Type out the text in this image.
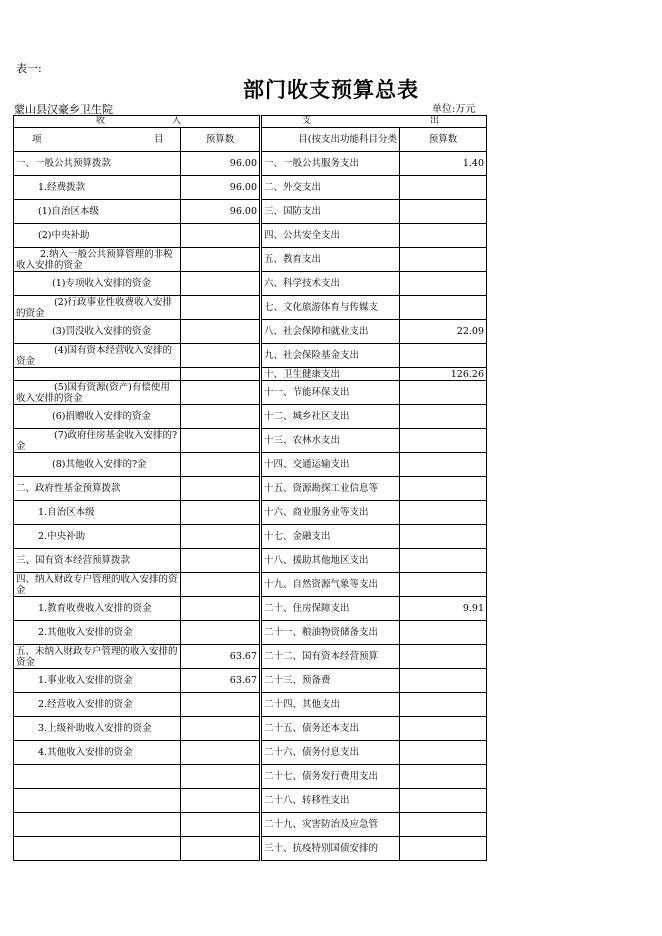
表一:
部门收支预算总表
蒙山县汉豪乡卫生院	单位:万元
收 入			支 出	

项 目	预算数		目(按支出功能科目分类	预算数
一、一般公共预算拨款	96.00		一、一般公共服务支出	1.40
1.经费拨款	96.00		二、外交支出	
(1)自治区本级	96.00		三、国防支出	
(2)中央补助			四、公共安全支出	
2.纳入一般公共预算管理的非税收入安排的资金			五、教育支出	
(1)专项收入安排的资金			六、科学技术支出	
(2)行政事业性收费收入安排的资金			七、文化旅游体育与传媒支	
(3)罚没收入安排的资金			八、社会保障和就业支出	22.09
(4)国有资本经营收入安排的资金			九、社会保险基金支出	
			十、卫生健康支出	126.26
(5)国有资源(资产)有偿使用收入安排的资金			十一、节能环保支出	
(6)捐赠收入安排的资金			十二、城乡社区支出	
(7)政府住房基金收入安排的?金			十三、农林水支出	
(8)其他收入安排的?金			十四、交通运输支出	
二、政府性基金预算拨款			十五、资源勘探工业信息等	
1.自治区本级			十六、商业服务业等支出	
2.中央补助			十七、金融支出	
三、国有资本经营预算拨款			十八、援助其他地区支出	
四、纳入财政专户管理的收入安排的资金			十九、自然资源气象等支出	
1.教育收费收入安排的资金			二十、住房保障支出	9.91
2.其他收入安排的资金			二十一、粮油物资储备支出	
五、未纳入财政专户管理的收入安排的资金	63.67		二十二、国有资本经营预算	
1.事业收入安排的资金	63.67		二十三、预备费	
2.经营收入安排的资金			二十四、其他支出	
3.上级补助收入安排的资金			二十五、债务还本支出	
4.其他收入安排的资金			二十六、债务付息支出	
			二十七、债务发行费用支出	
			二十八、转移性支出	
			二十九、灾害防治及应急管	
			三十、抗疫特别国债安排的	
